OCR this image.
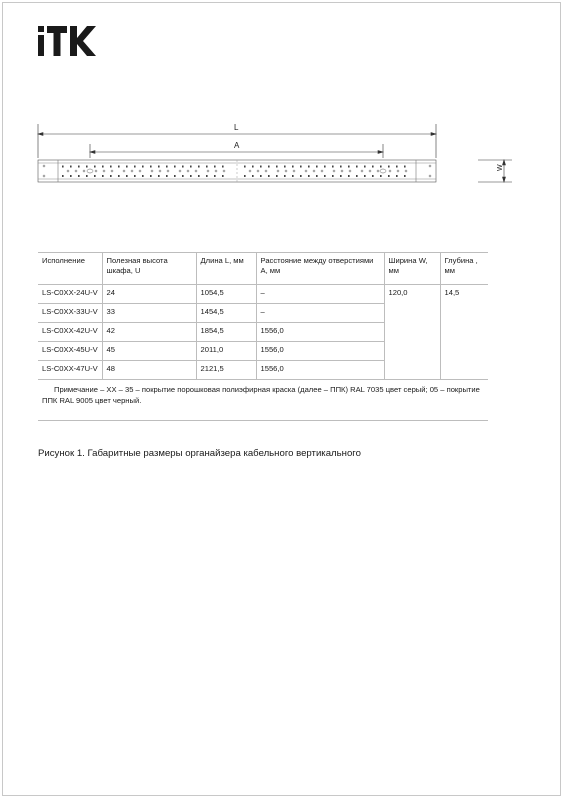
L
A
W
Исполнение	Полезная высота шкафа, U	Длина L, мм	Расстояние между отверстиями A, мм	Ширина W, мм	Глубина , мм
LS-C0XX-24U-V	24	1054,5	–	120,0	14,5
LS-C0XX-33U-V	33	1454,5	–		
LS-C0XX-42U-V	42	1854,5	1556,0		
LS-C0XX-45U-V	45	2011,0	1556,0		
LS-C0XX-47U-V	48	2121,5	1556,0		
Примечание – XX – 35 – покрытие порошковая полиэфирная краска (далее – ППК) RAL 7035 цвет серый; 05 – покрытие ППК RAL 9005 цвет черный.					
Рисунок 1. Габаритные размеры органайзера кабельного вертикального
